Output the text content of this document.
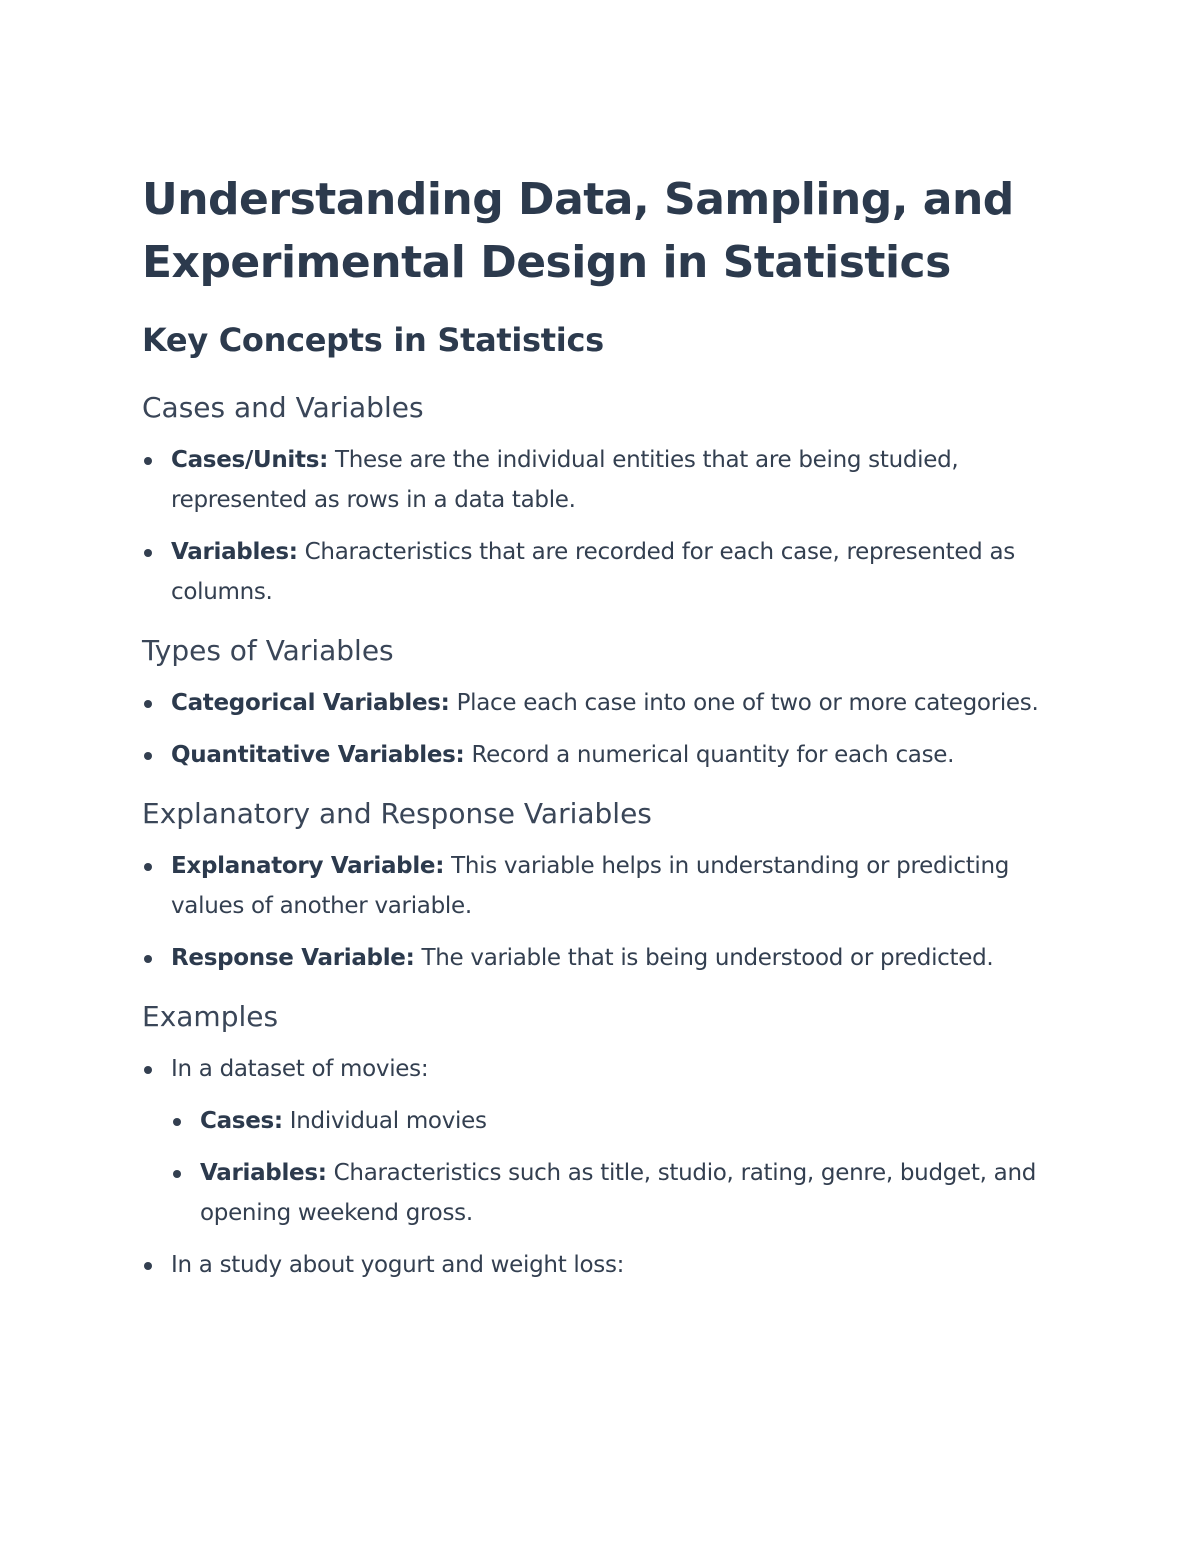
Understanding Data, Sampling, and Experimental Design in Statistics
Key Concepts in Statistics
Cases and Variables
Cases/Units: These are the individual entities that are being studied, represented as rows in a data table.
Variables: Characteristics that are recorded for each case, represented as columns.
Types of Variables
Categorical Variables: Place each case into one of two or more categories.
Quantitative Variables: Record a numerical quantity for each case.
Explanatory and Response Variables
Explanatory Variable: This variable helps in understanding or predicting values of another variable.
Response Variable: The variable that is being understood or predicted.
Examples
In a dataset of movies:
Cases: Individual movies
Variables: Characteristics such as title, studio, rating, genre, budget, and opening weekend gross.
In a study about yogurt and weight loss:
